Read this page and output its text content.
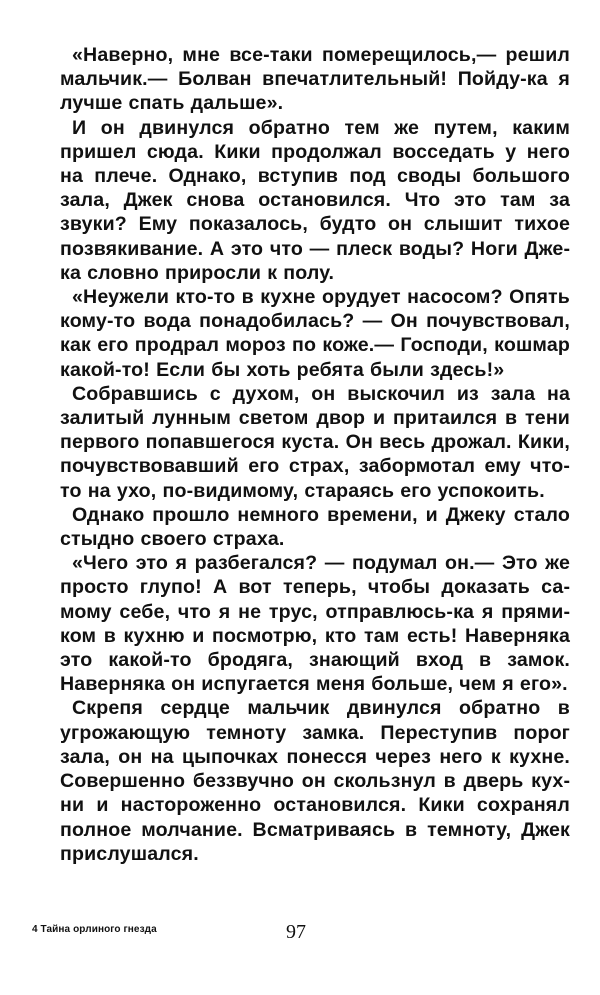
«Наверно, мне все-таки померещилось,— решил мальчик.— Болван впечатлительный! Пойду-ка я лучше спать дальше».

И он двинулся обратно тем же путем, каким пришел сюда. Кики продолжал восседать у него на плече. Однако, вступив под своды большого зала, Джек снова остановился. Что это там за звуки? Ему показалось, будто он слышит тихое позвякивание. А это что — плеск воды? Ноги Джека словно приросли к полу.

«Неужели кто-то в кухне орудует насосом? Опять кому-то вода понадобилась? — Он почувствовал, как его продрал мороз по коже.— Господи, кошмар какой-то! Если бы хоть ребята были здесь!»

Собравшись с духом, он выскочил из зала на залитый лунным светом двор и притаился в тени первого попавшегося куста. Он весь дрожал. Кики, почувствовавший его страх, забормотал ему что-то на ухо, по-видимому, стараясь его успокоить.

Однако прошло немного времени, и Джеку стало стыдно своего страха.

«Чего это я разбегался? — подумал он.— Это же просто глупо! А вот теперь, чтобы доказать самому себе, что я не трус, отправлюсь-ка я прямиком в кухню и посмотрю, кто там есть! Наверняка это какой-то бродяга, знающий вход в замок. Наверняка он испугается меня больше, чем я его».

Скрепя сердце мальчик двинулся обратно в угрожающую темноту замка. Переступив порог зала, он на цыпочках понесся через него к кухне. Совершенно беззвучно он скользнул в дверь кухни и настороженно остановился. Кики сохранял полное молчание. Всматриваясь в темноту, Джек прислушался.

4 Тайна орлиного гнезда	97
